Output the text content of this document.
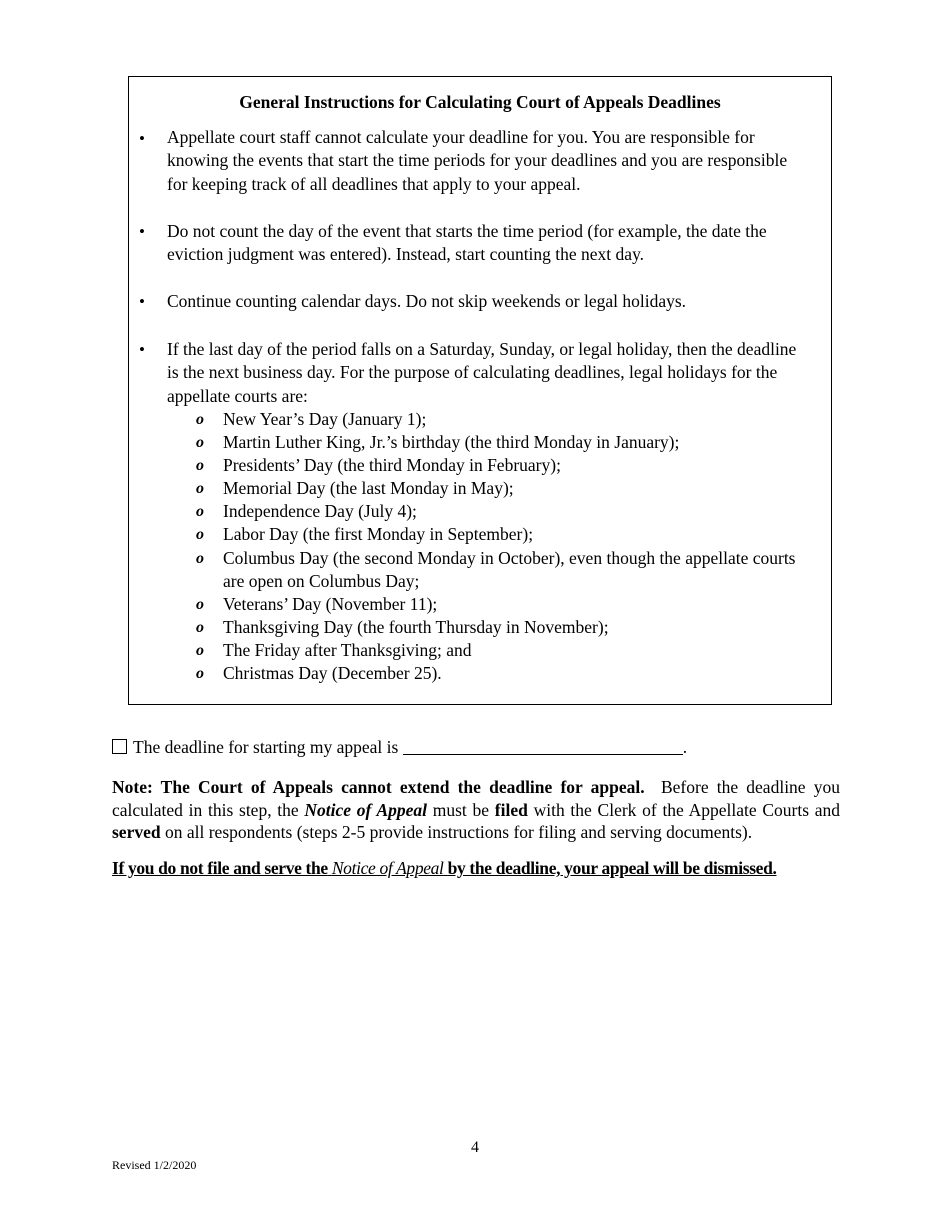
General Instructions for Calculating Court of Appeals Deadlines
• Appellate court staff cannot calculate your deadline for you. You are responsible for knowing the events that start the time periods for your deadlines and you are responsible for keeping track of all deadlines that apply to your appeal.
• Do not count the day of the event that starts the time period (for example, the date the eviction judgment was entered). Instead, start counting the next day.
• Continue counting calendar days. Do not skip weekends or legal holidays.
• If the last day of the period falls on a Saturday, Sunday, or legal holiday, then the deadline is the next business day. For the purpose of calculating deadlines, legal holidays for the appellate courts are:
o New Year’s Day (January 1);
o Martin Luther King, Jr.’s birthday (the third Monday in January);
o Presidents’ Day (the third Monday in February);
o Memorial Day (the last Monday in May);
o Independence Day (July 4);
o Labor Day (the first Monday in September);
o Columbus Day (the second Monday in October), even though the appellate courts are open on Columbus Day;
o Veterans’ Day (November 11);
o Thanksgiving Day (the fourth Thursday in November);
o The Friday after Thanksgiving; and
o Christmas Day (December 25).
The deadline for starting my appeal is	.
Note: The Court of Appeals cannot extend the deadline for appeal. Before the deadline you calculated in this step, the Notice of Appeal must be filed with the Clerk of the Appellate Courts and served on all respondents (steps 2-5 provide instructions for filing and serving documents).
If you do not file and serve the Notice of Appeal by the deadline, your appeal will be dismissed.
4
Revised 1/2/2020
